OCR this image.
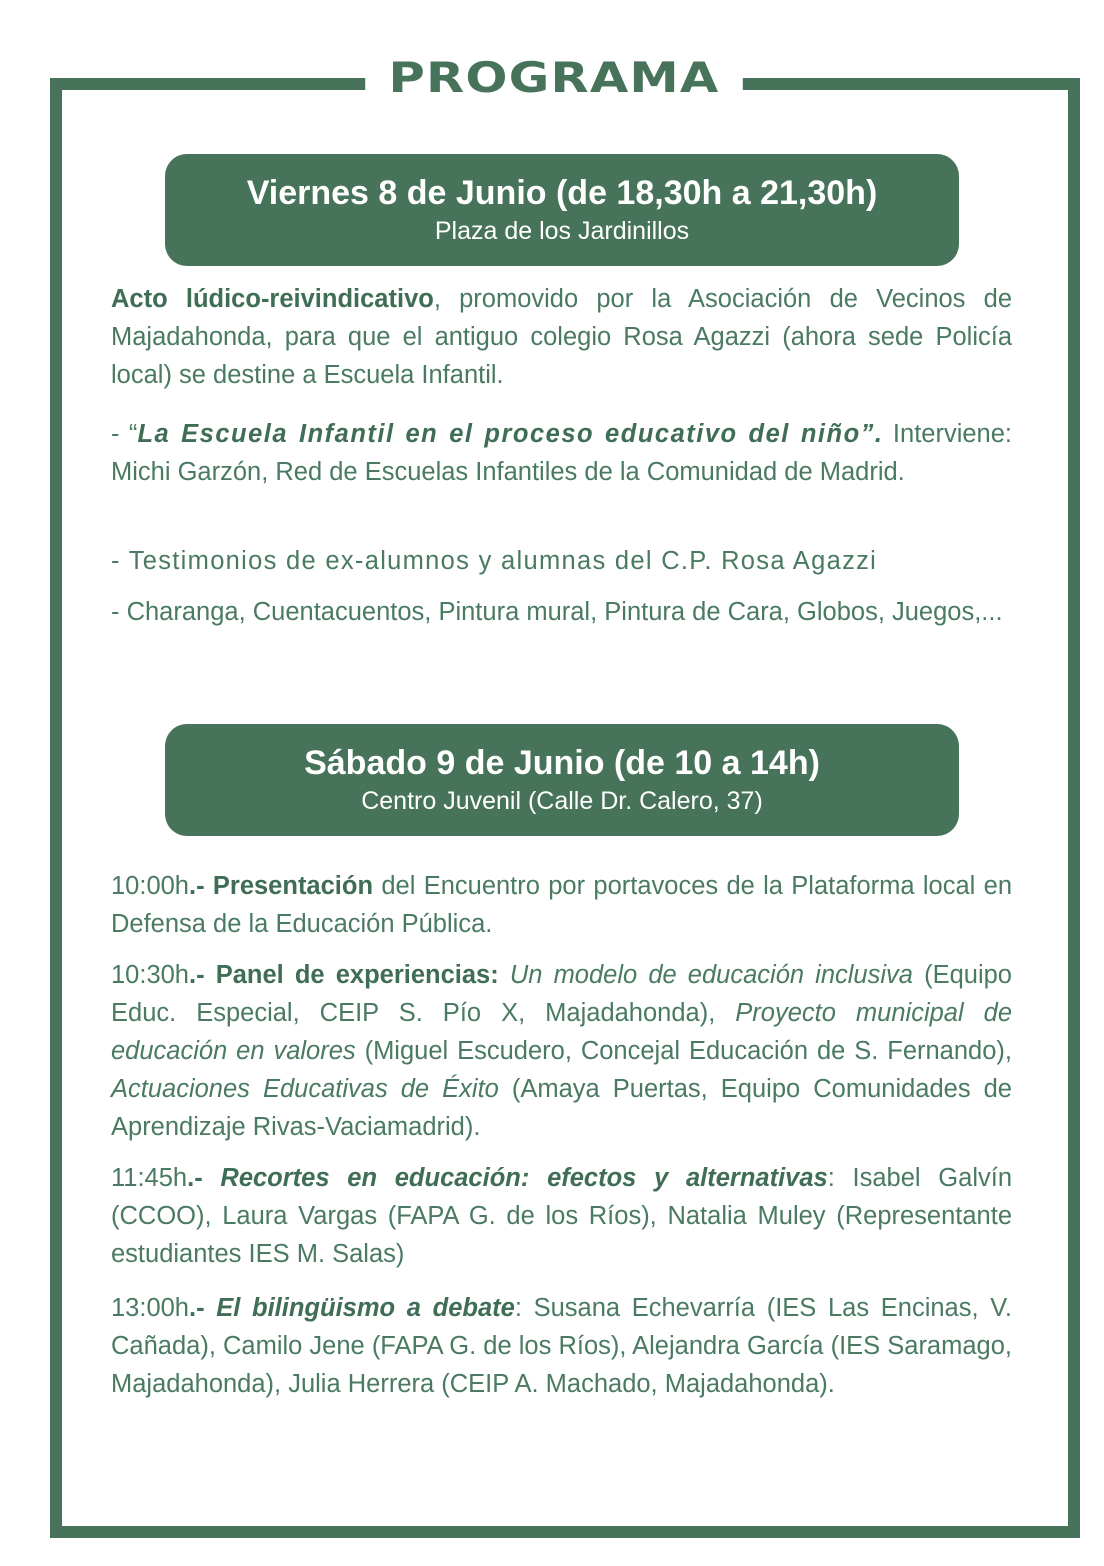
PROGRAMA
Viernes 8 de Junio (de 18,30h a 21,30h)
Plaza de los Jardinillos

Acto lúdico-reivindicativo, promovido por la Asociación de Vecinos de Majadahonda, para que el antiguo colegio Rosa Agazzi (ahora sede Policía local) se destine a Escuela Infantil.

- “La Escuela Infantil en el proceso educativo del niño”. Interviene: Michi Garzón, Red de Escuelas Infantiles de la Comunidad de Madrid.

- Testimonios de ex-alumnos y alumnas del C.P. Rosa Agazzi

- Charanga, Cuentacuentos, Pintura mural, Pintura de Cara, Globos, Juegos,...

Sábado 9 de Junio (de 10 a 14h)
Centro Juvenil (Calle Dr. Calero, 37)

10:00h.- Presentación del Encuentro por portavoces de la Plataforma local en Defensa de la Educación Pública.

10:30h.- Panel de experiencias: Un modelo de educación inclusiva (Equipo Educ. Especial, CEIP S. Pío X, Majadahonda), Proyecto municipal de educación en valores (Miguel Escudero, Concejal Educación de S. Fernando), Actuaciones Educativas de Éxito (Amaya Puertas, Equipo Comunidades de Aprendizaje Rivas-Vaciamadrid).

11:45h.- Recortes en educación: efectos y alternativas: Isabel Galvín (CCOO), Laura Vargas (FAPA G. de los Ríos), Natalia Muley (Representante estudiantes IES M. Salas)

13:00h.- El bilingüismo a debate: Susana Echevarría (IES Las Encinas, V. Cañada), Camilo Jene (FAPA G. de los Ríos), Alejandra García (IES Saramago, Majadahonda), Julia Herrera (CEIP A. Machado, Majadahonda).
